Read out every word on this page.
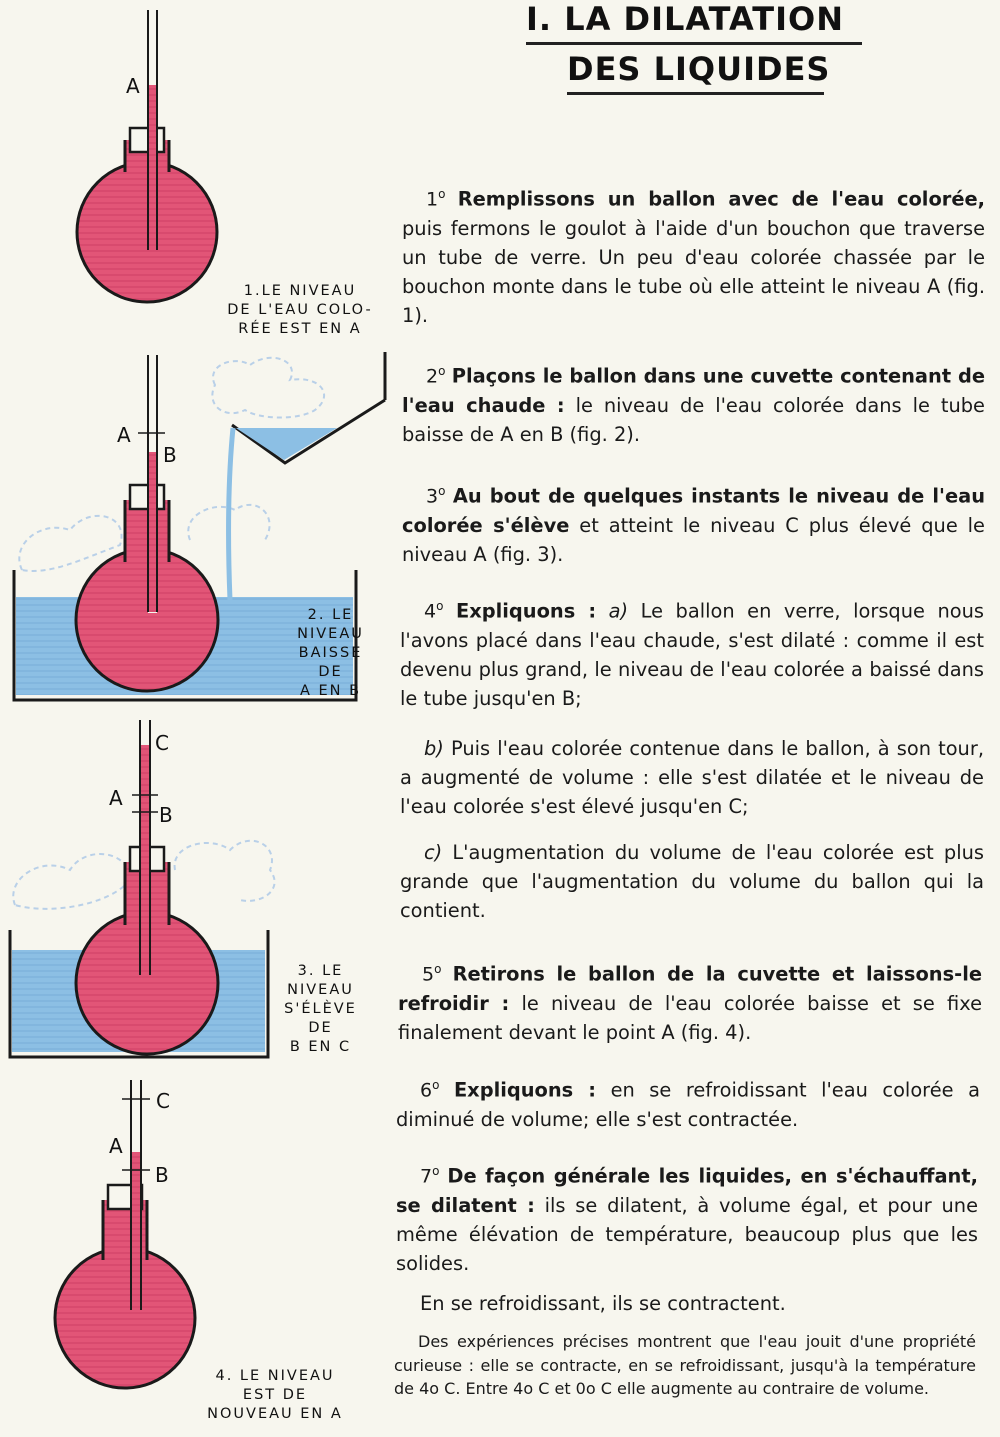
A
A
B
C
A
B
C
A
B
1.LE NIVEAU
DE L'EAU COLO-
RÉE EST EN A
2. LE
NIVEAU
BAISSE
DE
A EN B
3. LE
NIVEAU
S'ÉLÈVE
DE
B EN C
4. LE NIVEAU
EST DE
NOUVEAU EN A
I. LA DILATATION
DES LIQUIDES
1$^o$ Remplissons un ballon avec de l'eau colorée, puis fermons le goulot à l'aide d'un bouchon que traverse un tube de verre. Un peu d'eau colorée chassée par le bouchon monte dans le tube où elle atteint le niveau A (fig. 1).
2$^o$ Plaçons le ballon dans une cuvette contenant de l'eau chaude : le niveau de l'eau colorée dans le tube baisse de A en B (fig. 2).
3$^o$ Au bout de quelques instants le niveau de l'eau colorée s'élève et atteint le niveau C plus élevé que le niveau A (fig. 3).
4$^o$ Expliquons : a) Le ballon en verre, lorsque nous l'avons placé dans l'eau chaude, s'est dilaté : comme il est devenu plus grand, le niveau de l'eau colorée a baissé dans le tube jusqu'en B;
b) Puis l'eau colorée contenue dans le ballon, à son tour, a augmenté de volume : elle s'est dilatée et le niveau de l'eau colorée s'est élevé jusqu'en C;
c) L'augmentation du volume de l'eau colorée est plus grande que l'augmentation du volume du ballon qui la contient.
5$^o$ Retirons le ballon de la cuvette et laissons-le refroidir : le niveau de l'eau colorée baisse et se fixe finalement devant le point A (fig. 4).
6$^o$ Expliquons : en se refroidissant l'eau colorée a diminué de volume; elle s'est contractée.
7$^o$ De façon générale les liquides, en s'échauffant, se dilatent : ils se dilatent, à volume égal, et pour une même élévation de température, beaucoup plus que les solides.
En se refroidissant, ils se contractent.
Des expériences précises montrent que l'eau jouit d'une propriété curieuse : elle se contracte, en se refroidissant, jusqu'à la température de 4o C. Entre 4o C et 0o C elle augmente au contraire de volume.
